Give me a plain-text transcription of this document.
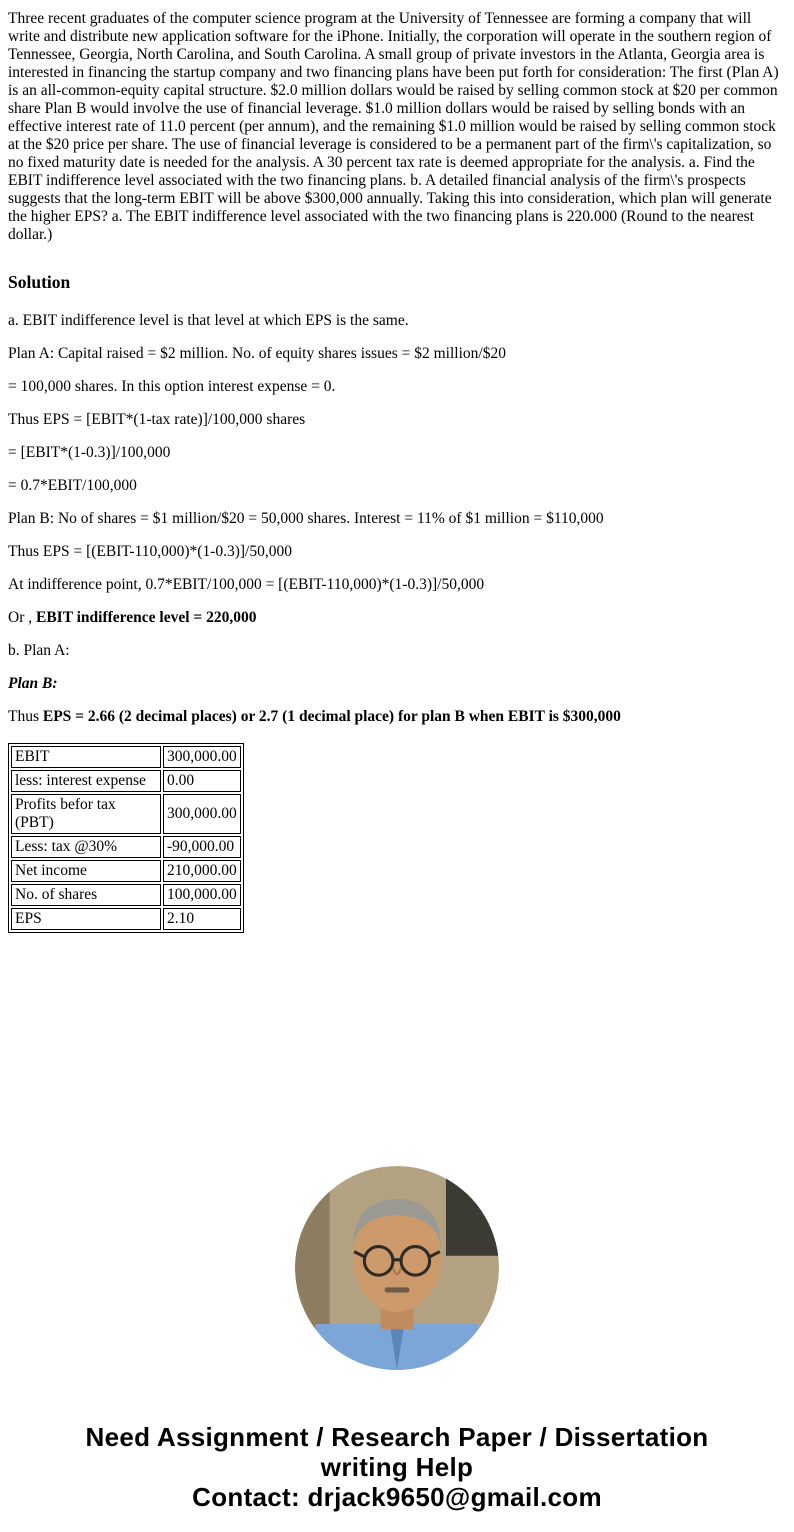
Three recent graduates of the computer science program at the University of Tennessee are forming a company that will write and distribute new application software for the iPhone. Initially, the corporation will operate in the southern region of Tennessee, Georgia, North Carolina, and South Carolina. A small group of private investors in the Atlanta, Georgia area is interested in financing the startup company and two financing plans have been put forth for consideration: The first (Plan A) is an all-common-equity capital structure. $2.0 million dollars would be raised by selling common stock at $20 per common share Plan B would involve the use of financial leverage. $1.0 million dollars would be raised by selling bonds with an effective interest rate of 11.0 percent (per annum), and the remaining $1.0 million would be raised by selling common stock at the $20 price per share. The use of financial leverage is considered to be a permanent part of the firm\'s capitalization, so no fixed maturity date is needed for the analysis. A 30 percent tax rate is deemed appropriate for the analysis. a. Find the EBIT indifference level associated with the two financing plans. b. A detailed financial analysis of the firm\'s prospects suggests that the long-term EBIT will be above $300,000 annually. Taking this into consideration, which plan will generate the higher EPS? a. The EBIT indifference level associated with the two financing plans is 220.000 (Round to the nearest dollar.)

Solution

a. EBIT indifference level is that level at which EPS is the same.

Plan A: Capital raised = $2 million. No. of equity shares issues = $2 million/$20

= 100,000 shares. In this option interest expense = 0.

Thus EPS = [EBIT*(1-tax rate)]/100,000 shares

= [EBIT*(1-0.3)]/100,000

= 0.7*EBIT/100,000

Plan B: No of shares = $1 million/$20 = 50,000 shares. Interest = 11% of $1 million = $110,000

Thus EPS = [(EBIT-110,000)*(1-0.3)]/50,000

At indifference point, 0.7*EBIT/100,000 = [(EBIT-110,000)*(1-0.3)]/50,000

Or , EBIT indifference level = 220,000

b. Plan A:

Plan B:

Thus EPS = 2.66 (2 decimal places) or 2.7 (1 decimal place) for plan B when EBIT is $300,000

EBIT	300,000.00
less: interest expense	0.00
Profits befor tax (PBT)	300,000.00
Less: tax @30%	-90,000.00
Net income	210,000.00
No. of shares	100,000.00
EPS	2.10
Need Assignment / Research Paper / Dissertation
writing Help
Contact: drjack9650@gmail.com
